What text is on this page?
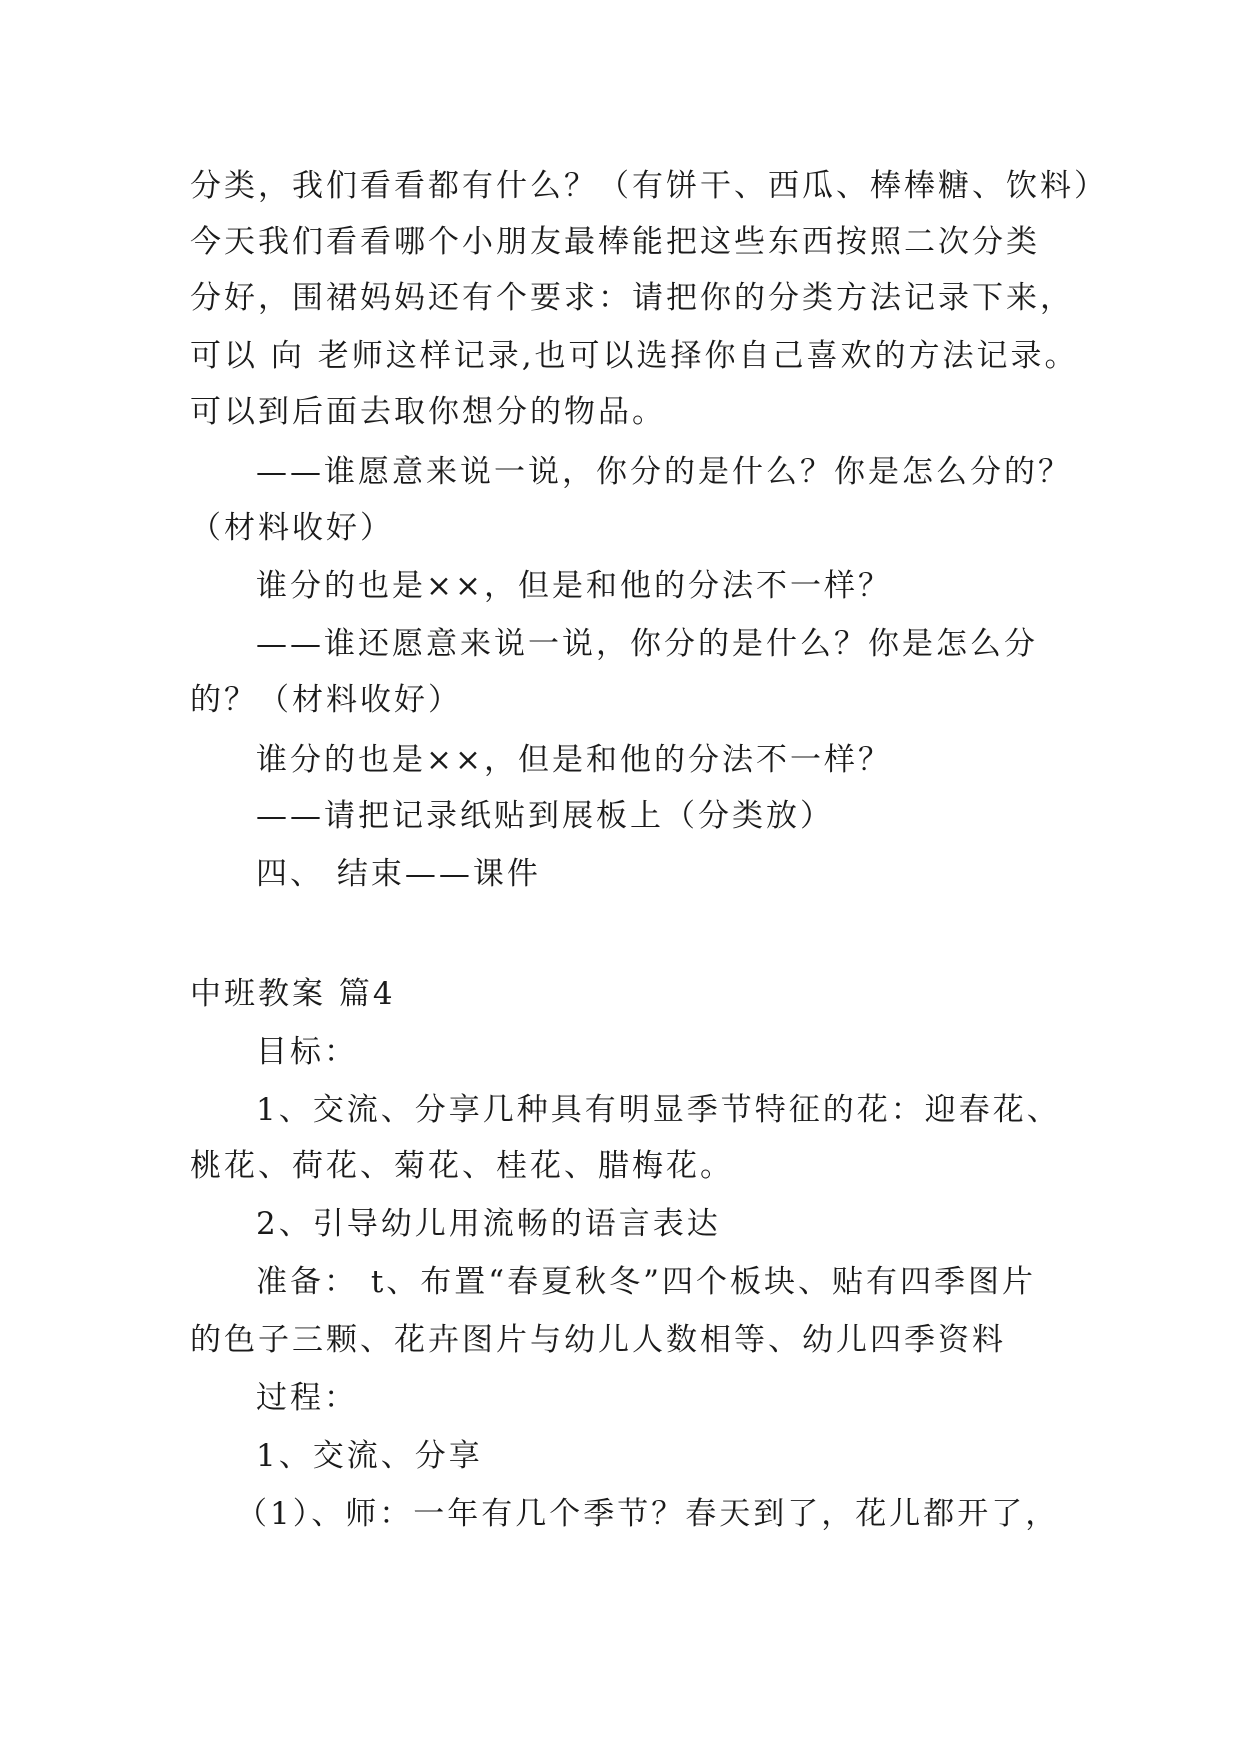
分类，我们看看都有什么？（有饼干、西瓜、棒棒糖、饮料）
今天我们看看哪个小朋友最棒能把这些东西按照二次分类
分好，围裙妈妈还有个要求：请把你的分类方法记录下来，
可以 向 老师这样记录,也可以选择你自己喜欢的方法记录。
可以到后面去取你想分的物品。
——谁愿意来说一说，你分的是什么？你是怎么分的？
（材料收好）
谁分的也是××，但是和他的分法不一样？
——谁还愿意来说一说，你分的是什么？你是怎么分
的？（材料收好）
谁分的也是××，但是和他的分法不一样？
——请把记录纸贴到展板上（分类放）
四、 结束——课件
中班教案 篇4
目标：
1、交流、分享几种具有明显季节特征的花：迎春花、
桃花、荷花、菊花、桂花、腊梅花。
2、引导幼儿用流畅的语言表达
准备： t、布置“春夏秋冬”四个板块、贴有四季图片
的色子三颗、花卉图片与幼儿人数相等、幼儿四季资料
过程：
1、交流、分享
（1）、师：一年有几个季节？春天到了，花儿都开了，
